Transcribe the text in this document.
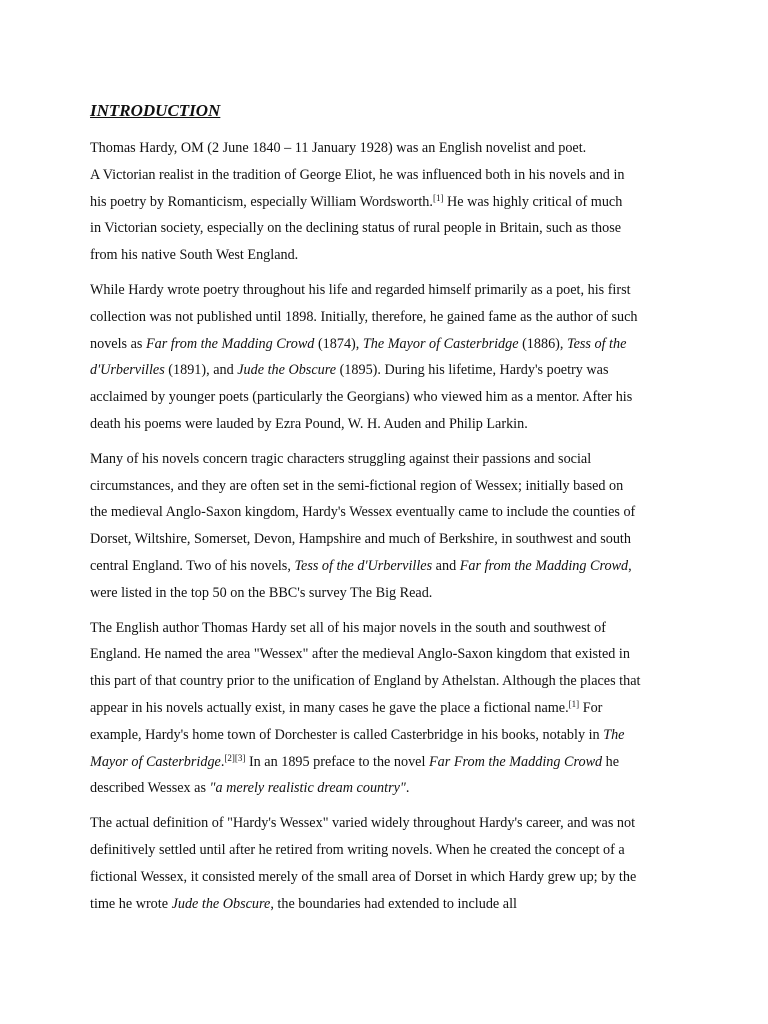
INTRODUCTION

Thomas Hardy, OM (2 June 1840 – 11 January 1928) was an English novelist and poet.
A Victorian realist in the tradition of George Eliot, he was influenced both in his novels and in
his poetry by Romanticism, especially William Wordsworth.[1] He was highly critical of much
in Victorian society, especially on the declining status of rural people in Britain, such as those
from his native South West England.

While Hardy wrote poetry throughout his life and regarded himself primarily as a poet, his first
collection was not published until 1898. Initially, therefore, he gained fame as the author of such
novels as Far from the Madding Crowd (1874), The Mayor of Casterbridge (1886), Tess of the
d'Urbervilles (1891), and Jude the Obscure (1895). During his lifetime, Hardy's poetry was
acclaimed by younger poets (particularly the Georgians) who viewed him as a mentor. After his
death his poems were lauded by Ezra Pound, W. H. Auden and Philip Larkin.

Many of his novels concern tragic characters struggling against their passions and social
circumstances, and they are often set in the semi-fictional region of Wessex; initially based on
the medieval Anglo-Saxon kingdom, Hardy's Wessex eventually came to include the counties of
Dorset, Wiltshire, Somerset, Devon, Hampshire and much of Berkshire, in southwest and south
central England. Two of his novels, Tess of the d'Urbervilles and Far from the Madding Crowd,
were listed in the top 50 on the BBC's survey The Big Read.

The English author Thomas Hardy set all of his major novels in the south and southwest of
England. He named the area "Wessex" after the medieval Anglo-Saxon kingdom that existed in
this part of that country prior to the unification of England by Athelstan. Although the places that
appear in his novels actually exist, in many cases he gave the place a fictional name.[1] For
example, Hardy's home town of Dorchester is called Casterbridge in his books, notably in The
Mayor of Casterbridge.[2][3] In an 1895 preface to the novel Far From the Madding Crowd he
described Wessex as "a merely realistic dream country".

The actual definition of "Hardy's Wessex" varied widely throughout Hardy's career, and was not
definitively settled until after he retired from writing novels. When he created the concept of a
fictional Wessex, it consisted merely of the small area of Dorset in which Hardy grew up; by the
time he wrote Jude the Obscure, the boundaries had extended to include all
